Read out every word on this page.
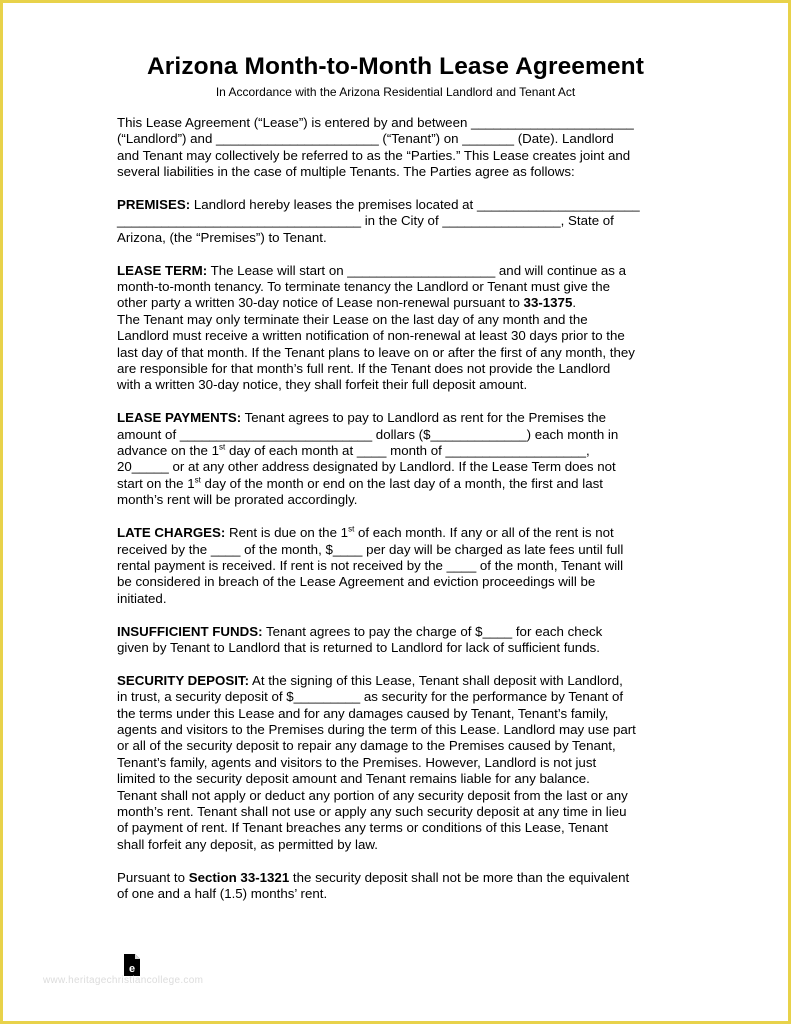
Arizona Month-to-Month Lease Agreement
In Accordance with the Arizona Residential Landlord and Tenant Act

This Lease Agreement (“Lease”) is entered by and between ______________________

(“Landlord”) and ______________________ (“Tenant”) on _______ (Date). Landlord

and Tenant may collectively be referred to as the “Parties.” This Lease creates joint and

several liabilities in the case of multiple Tenants. The Parties agree as follows:

PREMISES: Landlord hereby leases the premises located at ______________________

_________________________________ in the City of ________________, State of

Arizona, (the “Premises”) to Tenant.

LEASE TERM: The Lease will start on ____________________ and will continue as a

month-to-month tenancy. To terminate tenancy the Landlord or Tenant must give the

other party a written 30-day notice of Lease non-renewal pursuant to 33-1375.

The Tenant may only terminate their Lease on the last day of any month and the

Landlord must receive a written notification of non-renewal at least 30 days prior to the

last day of that month. If the Tenant plans to leave on or after the first of any month, they

are responsible for that month’s full rent. If the Tenant does not provide the Landlord

with a written 30-day notice, they shall forfeit their full deposit amount.

LEASE PAYMENTS: Tenant agrees to pay to Landlord as rent for the Premises the

amount of __________________________ dollars ($_____________) each month in

advance on the 1st day of each month at ____ month of ___________________,

20_____ or at any other address designated by Landlord. If the Lease Term does not

start on the 1st day of the month or end on the last day of a month, the first and last

month’s rent will be prorated accordingly.

LATE CHARGES: Rent is due on the 1st of each month. If any or all of the rent is not

received by the ____ of the month, $____ per day will be charged as late fees until full

rental payment is received. If rent is not received by the ____ of the month, Tenant will

be considered in breach of the Lease Agreement and eviction proceedings will be

initiated.

INSUFFICIENT FUNDS: Tenant agrees to pay the charge of $____ for each check

given by Tenant to Landlord that is returned to Landlord for lack of sufficient funds.

SECURITY DEPOSIT: At the signing of this Lease, Tenant shall deposit with Landlord,

in trust, a security deposit of $_________ as security for the performance by Tenant of

the terms under this Lease and for any damages caused by Tenant, Tenant’s family,

agents and visitors to the Premises during the term of this Lease. Landlord may use part

or all of the security deposit to repair any damage to the Premises caused by Tenant,

Tenant’s family, agents and visitors to the Premises. However, Landlord is not just

limited to the security deposit amount and Tenant remains liable for any balance.

Tenant shall not apply or deduct any portion of any security deposit from the last or any

month’s rent. Tenant shall not use or apply any such security deposit at any time in lieu

of payment of rent. If Tenant breaches any terms or conditions of this Lease, Tenant

shall forfeit any deposit, as permitted by law.

Pursuant to Section 33-1321 the security deposit shall not be more than the equivalent

of one and a half (1.5) months’ rent.

e
www.heritagechristiancollege.com
